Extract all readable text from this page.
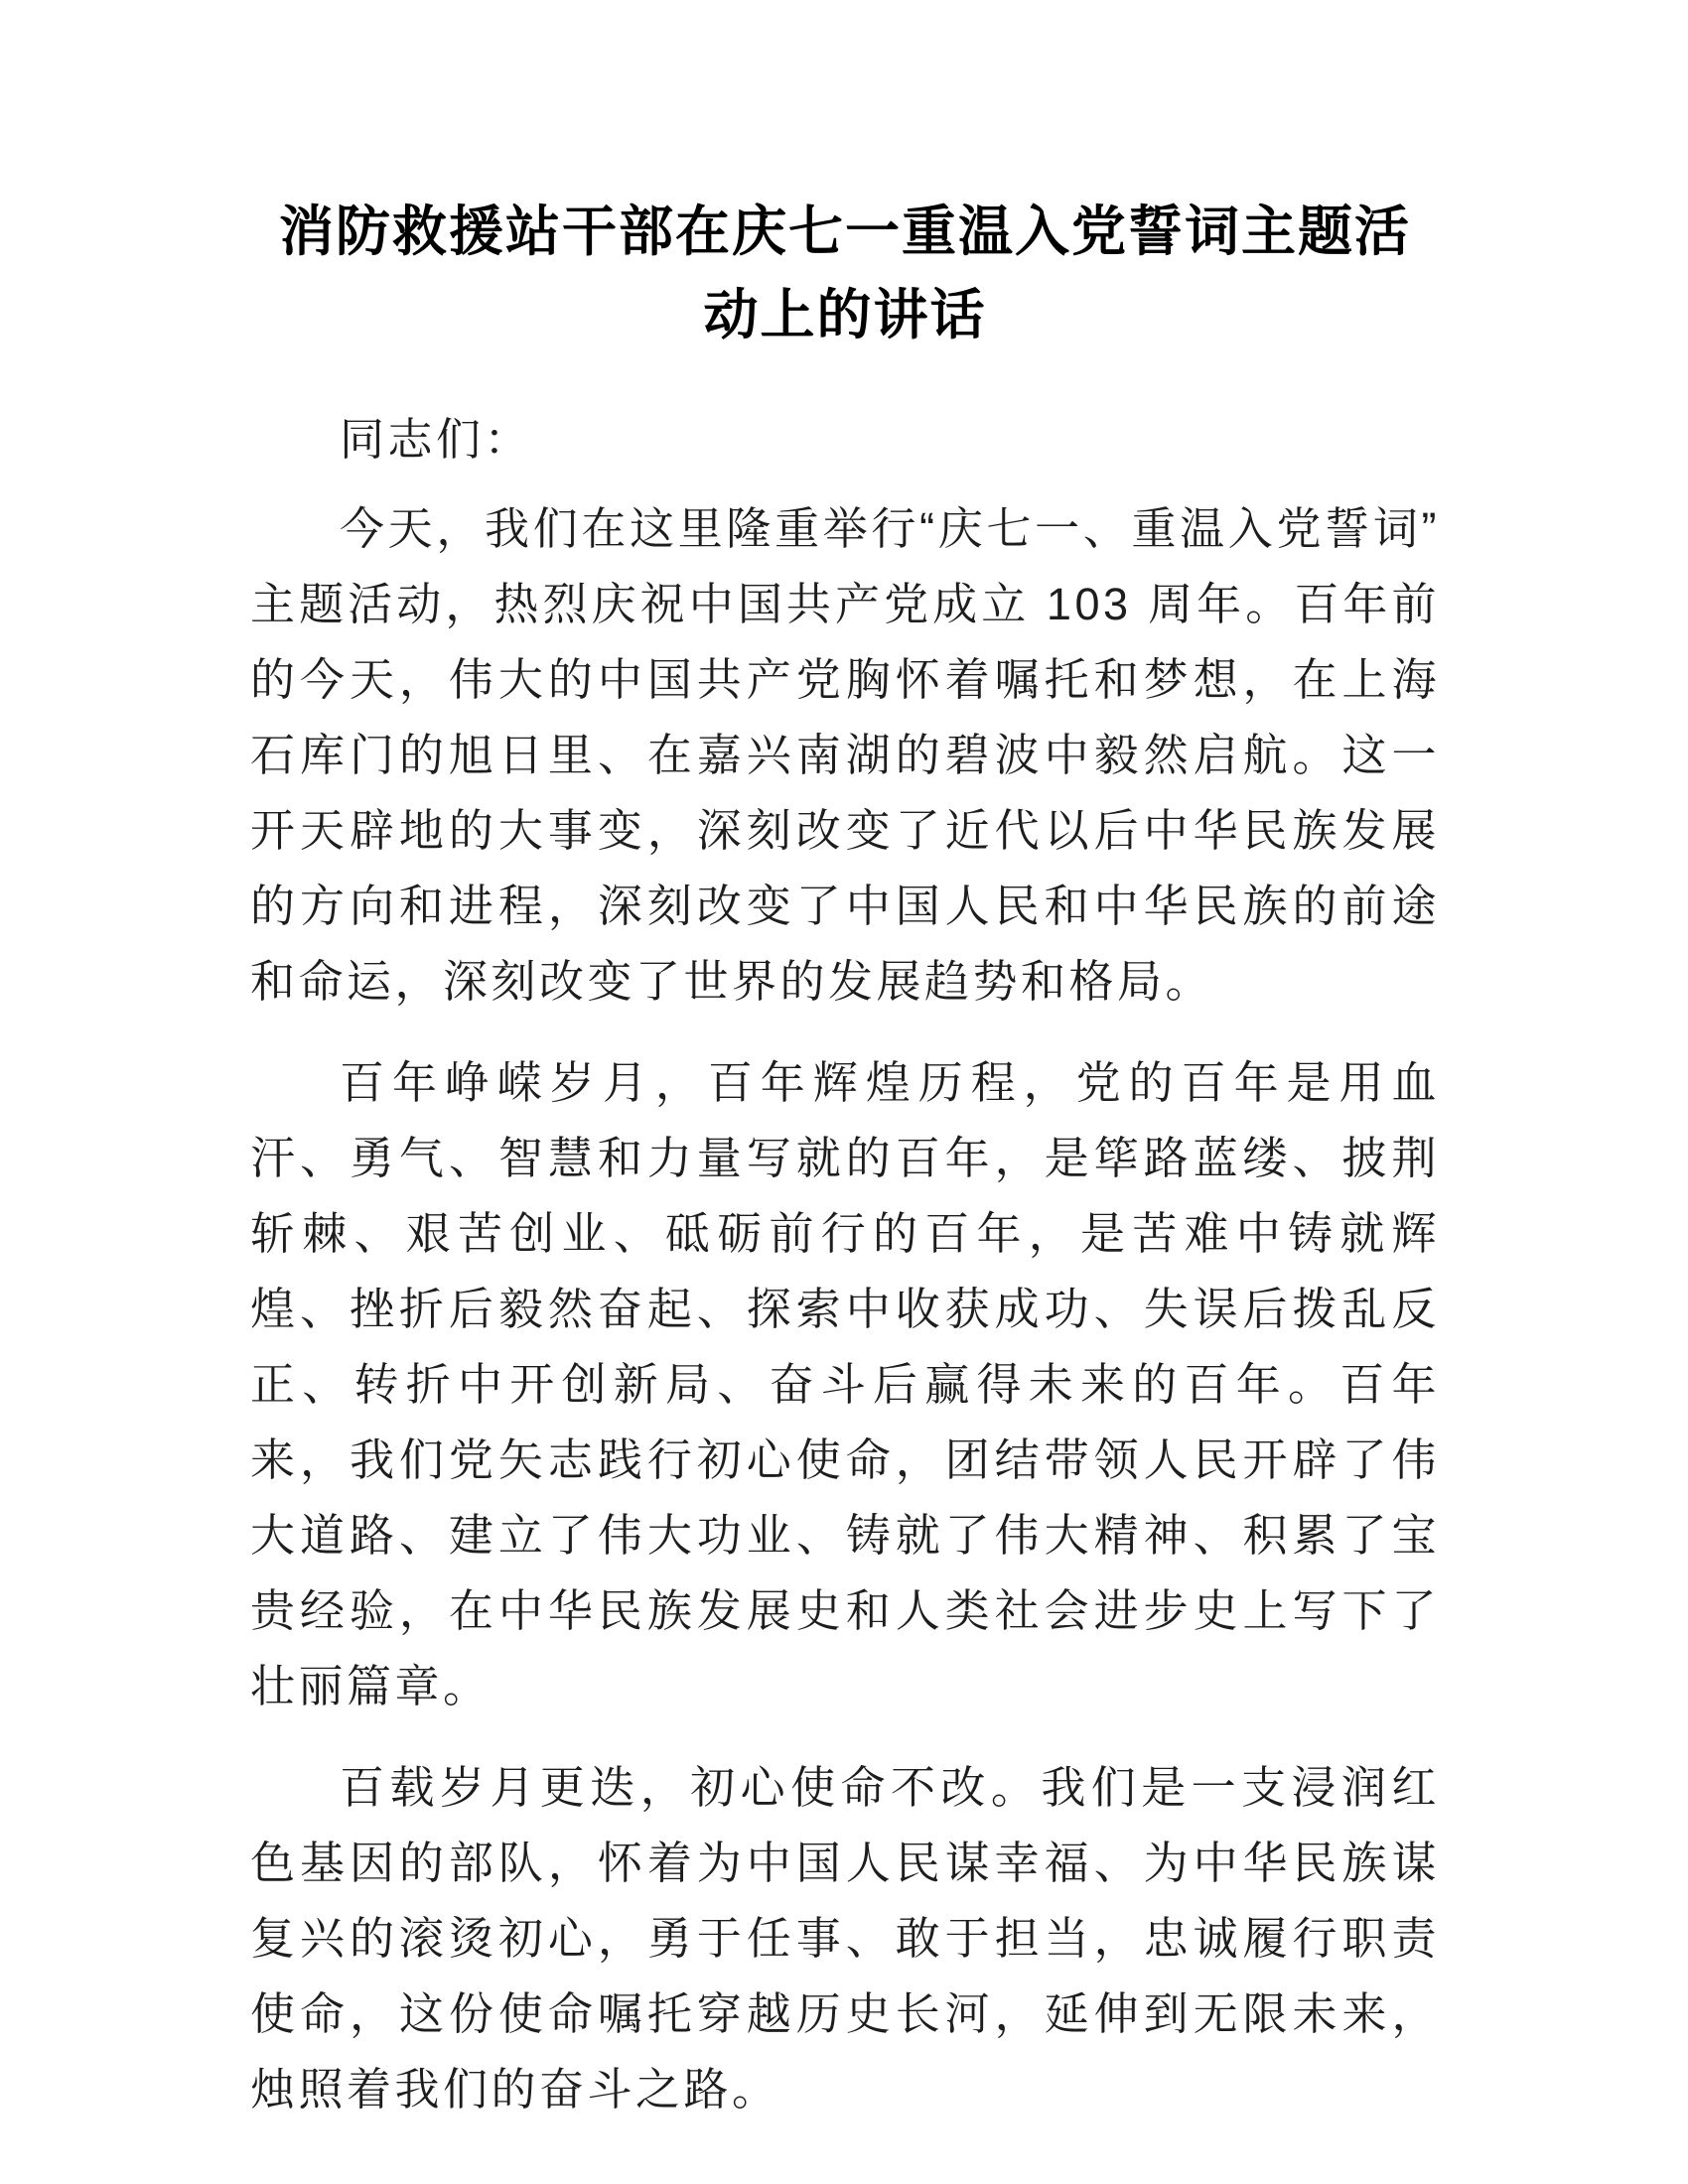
消防救援站干部在庆七一重温入党誓词主题活动上的讲话

同志们：

今天，我们在这里隆重举行“庆七一、重温入党誓词”主题活动，热烈庆祝中国共产党成立 103 周年。百年前的今天，伟大的中国共产党胸怀着嘱托和梦想，在上海石库门的旭日里、在嘉兴南湖的碧波中毅然启航。这一开天辟地的大事变，深刻改变了近代以后中华民族发展的方向和进程，深刻改变了中国人民和中华民族的前途和命运，深刻改变了世界的发展趋势和格局。

百年峥嵘岁月，百年辉煌历程，党的百年是用血汗、勇气、智慧和力量写就的百年，是筚路蓝缕、披荆斩棘、艰苦创业、砥砺前行的百年，是苦难中铸就辉煌、挫折后毅然奋起、探索中收获成功、失误后拨乱反正、转折中开创新局、奋斗后赢得未来的百年。百年来，我们党矢志践行初心使命，团结带领人民开辟了伟大道路、建立了伟大功业、铸就了伟大精神、积累了宝贵经验，在中华民族发展史和人类社会进步史上写下了壮丽篇章。

百载岁月更迭，初心使命不改。我们是一支浸润红色基因的部队，怀着为中国人民谋幸福、为中华民族谋复兴的滚烫初心，勇于任事、敢于担当，忠诚履行职责使命，这份使命嘱托穿越历史长河，延伸到无限未来，烛照着我们的奋斗之路。
